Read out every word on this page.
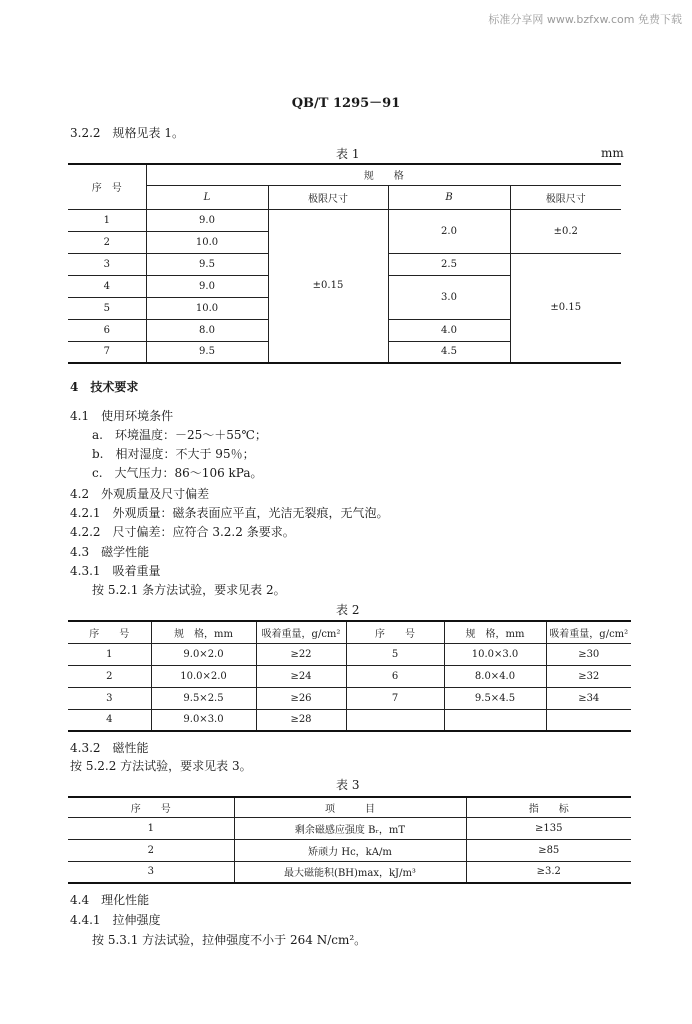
标准分享网 www.bzfxw.com 免费下载
QB/T 1295－91
3.2.2　规格见表 1。
表 1	mm
序　号	规　　格			
	L	极限尺寸	B	极限尺寸
1	9.0	±0.15	2.0	±0.2
2	10.0			
3	9.5		2.5	±0.15
4	9.0		3.0	
5	10.0			
6	8.0		4.0	
7	9.5		4.5	
4　技术要求
4.1　使用环境条件
a.　环境温度：－25～＋55℃；
b.　相对湿度：不大于 95％；
c.　大气压力：86～106 kPa。
4.2　外观质量及尺寸偏差
4.2.1　外观质量：磁条表面应平直，光洁无裂痕，无气泡。
4.2.2　尺寸偏差：应符合 3.2.2 条要求。
4.3　磁学性能
4.3.1　吸着重量
按 5.2.1 条方法试验，要求见表 2。
表 2
序　　号	规　格，mm	吸着重量，g/cm²	序　　号	规　格，mm	吸着重量，g/cm²
1	9.0×2.0	≥22	5	10.0×3.0	≥30
2	10.0×2.0	≥24	6	8.0×4.0	≥32
3	9.5×2.5	≥26	7	9.5×4.5	≥34
4	9.0×3.0	≥28			
4.3.2　磁性能
按 5.2.2 方法试验，要求见表 3。
表 3
序　　号	项　　　目	指　　标
1	剩余磁感应强度 Bᵣ，mT	≥135
2	矫顽力 Hc，kA/m	≥85
3	最大磁能积(BH)max，kJ/m³	≥3.2
4.4　理化性能
4.4.1　拉伸强度
按 5.3.1 方法试验，拉伸强度不小于 264 N/cm²。
